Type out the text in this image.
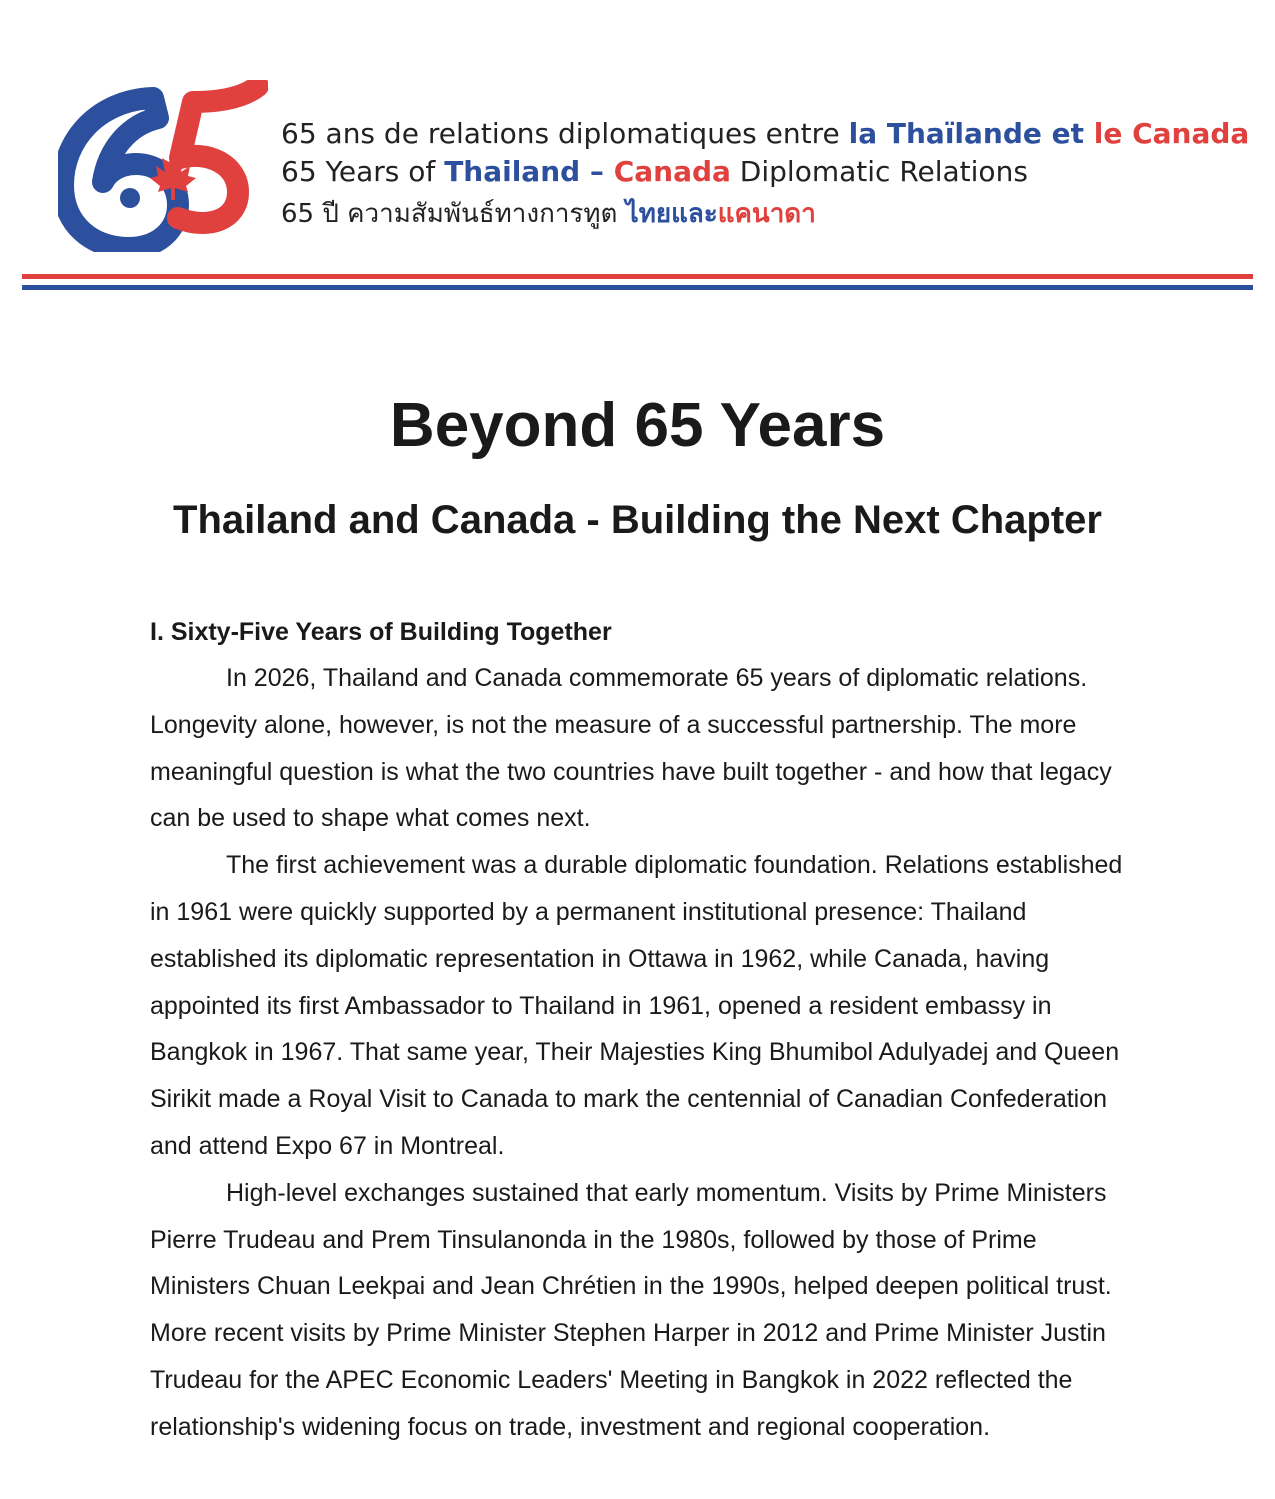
65 ans de relations diplomatiques entre la Thaïlande et le Canada
65 Years of Thailand – Canada Diplomatic Relations
65 ปี ความสัมพันธ์ทางการทูต ไทยและแคนาดา
Beyond 65 Years
Thailand and Canada - Building the Next Chapter

I. Sixty-Five Years of Building Together

In 2026, Thailand and Canada commemorate 65 years of diplomatic relations. Longevity alone, however, is not the measure of a successful partnership. The more meaningful question is what the two countries have built together - and how that legacy can be used to shape what comes next.

The first achievement was a durable diplomatic foundation. Relations established in 1961 were quickly supported by a permanent institutional presence: Thailand established its diplomatic representation in Ottawa in 1962, while Canada, having appointed its first Ambassador to Thailand in 1961, opened a resident embassy in Bangkok in 1967. That same year, Their Majesties King Bhumibol Adulyadej and Queen Sirikit made a Royal Visit to Canada to mark the centennial of Canadian Confederation and attend Expo 67 in Montreal.

High-level exchanges sustained that early momentum. Visits by Prime Ministers Pierre Trudeau and Prem Tinsulanonda in the 1980s, followed by those of Prime Ministers Chuan Leekpai and Jean Chrétien in the 1990s, helped deepen political trust. More recent visits by Prime Minister Stephen Harper in 2012 and Prime Minister Justin Trudeau for the APEC Economic Leaders' Meeting in Bangkok in 2022 reflected the relationship's widening focus on trade, investment and regional cooperation.
